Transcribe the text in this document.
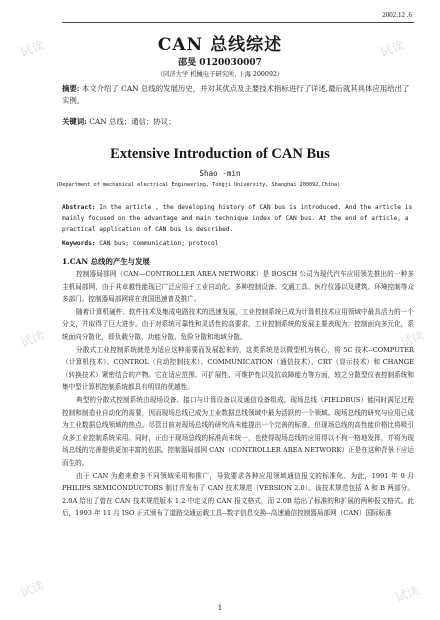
2002.12 .6
CAN 总线综述
邵旻 0120030007
（同济大学 机械电子研究所, 上海 200092）
摘要: 本文介绍了 CAN 总线的发展历史，并对其优点及主要技术指标进行了详述,最后就其具体应用给出了实例。
关键词: CAN 总线；通信；协议；
Extensive Introduction of CAN Bus
Shao -min
(Department of mechanical electrical Engineering, Tongji University, Shanghai 200092,China)
Abstract: In the article , the developing history of CAN bus is introduced. And the article is mainly focused on the advantage and main technique index of CAN bus. At the end of article, a practical application of CAN bus is described.
Keywords: CAN bus; communication; protocol
1.CAN 总线的产生与发展

控制器局部网（CAN—CONTROLLER AREA NETWORK）是 BOSCH 公司为现代汽车应用领先推出的一种多主机局部网，由于其卓越性能现已广泛应用于工业自动化、多种控制设备、交通工具、医疗仪器以及建筑、环境控制等众多部门。控制器局部网将在我国迅速普及推广。

随着计算机硬件、软件技术及集成电路技术的迅速发展，工业控制系统已成为计算机技术应用领域中最具活力的一个分支，并取得了巨大进步。由于对系统可靠性和灵活性的高要求，工业控制系统的发展主要表现为：控制面向多元化，系统面向分散化，即负载分散、功能分散、危险分散和地域分散。

分散式工业控制系统就是为适应这种需要而发展起来的，这类系统是以微型机为核心，将 5C 技术--COMPUTER（计算机技术）、CONTROL（自动控制技术）、COMMUNICATION（通信技术）、CRT（显示技术）和 CHANGE（转换技术）紧密结合的产物。它在适应范围、可扩展性、可维护性以及抗故障能力等方面，较之分散型仪表控制系统和集中型计算机控制系统都具有明显的优越性。

典型的分散式控制系统由现场设备、接口与计算设备以及通信设备组成。现场总线（FIELDBUS）能同时满足过程控制和制造业自动化的需要，因而现场总线已成为工业数据总线领域中最为活跃的一个领域。现场总线的研究与应用已成为工业数据总线领域的热点。尽管目前对现场总线的研究尚未能提出一个完善的标准，但现场总线的高性能价格比将吸引众多工业控制系统采用。同时，正由于现场总线的标准尚未统一，也使得现场总线的应用得以不拘一格地发挥，并将为现场总线的完善提供更加丰富的依据。控制器局部网 CAN（CONTROLLER AREA NETWORK）正是在这种背景下应运而生的。

由于 CAN 为愈来愈多不同领域采用和推广，导致要求各种应用领域通信报文的标准化。为此，1991 年 9 月 PHILIPS SEMICONDUCTORS 制订并发布了 CAN 技术规范（VERSION 2.0）。该技术规范包括 A 和 B 两部分。2.0A 给出了曾在 CAN 技术规范版本 1.2 中定义的 CAN 报文格式，而 2.0B 给出了标准的和扩展的两种报文格式。此后，1993 年 11 月 ISO 正式颁布了道路交通运载工具--数字信息交换--高速通信控制器局部网（CAN）国际标准

1
试读	试读
试读	试读
试读	试读
